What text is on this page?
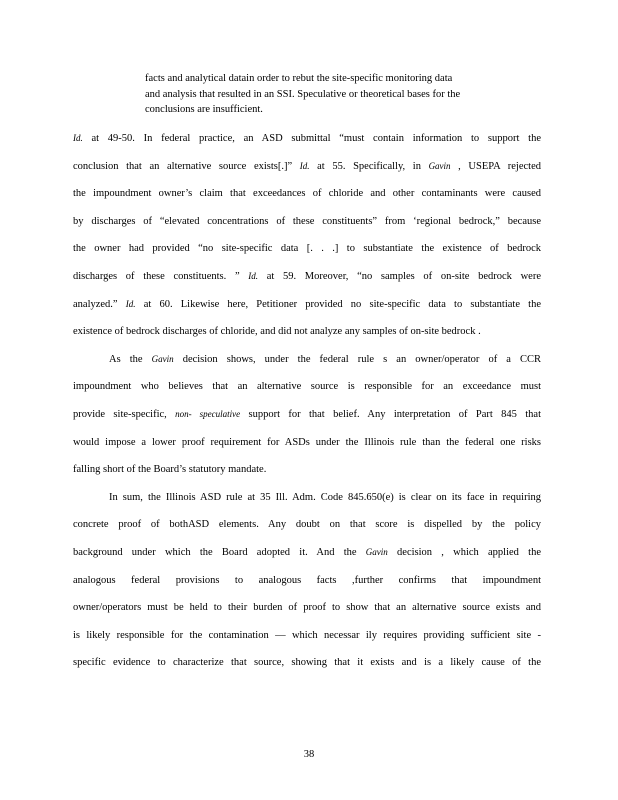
facts and analytical datain order to rebut the site-specific monitoring data
and analysis that resulted in an SSI. Speculative or theoretical bases for the
conclusions are insufficient.
Id. at 49-50. In federal practice, an ASD submittal “must contain information to support the
conclusion that an alternative source exists[.]” Id. at 55. Specifically, in Gavin , USEPA rejected
the impoundment owner’s claim that exceedances of chloride and other contaminants were caused
by discharges of “elevated concentrations of these constituents” from ‘regional bedrock,” because
the owner had provided “no site-specific data [. . .] to substantiate the existence of bedrock
discharges of these constituents. ” Id. at 59. Moreover, “no samples of on-site bedrock were
analyzed.” Id. at 60. Likewise here, Petitioner provided no site-specific data to substantiate the
existence of bedrock discharges of chloride, and did not analyze any samples of on-site bedrock .
As the Gavin decision shows, under the federal rule s an owner/operator of a CCR
impoundment who believes that an alternative source is responsible for an exceedance must
provide site-specific, non- speculative support for that belief. Any interpretation of Part 845 that
would impose a lower proof requirement for ASDs under the Illinois rule than the federal one risks
falling short of the Board’s statutory mandate.
In sum, the Illinois ASD rule at 35 Ill. Adm. Code 845.650(e) is clear on its face in requiring
concrete proof of bothASD elements. Any doubt on that score is dispelled by the policy
background under which the Board adopted it. And the Gavin decision , which applied the
analogous federal provisions to analogous facts ,further confirms that impoundment
owner/operators must be held to their burden of proof to show that an alternative source exists and
is likely responsible for the contamination — which necessar ily requires providing sufficient site -
specific evidence to characterize that source, showing that it exists and is a likely cause of the
38
